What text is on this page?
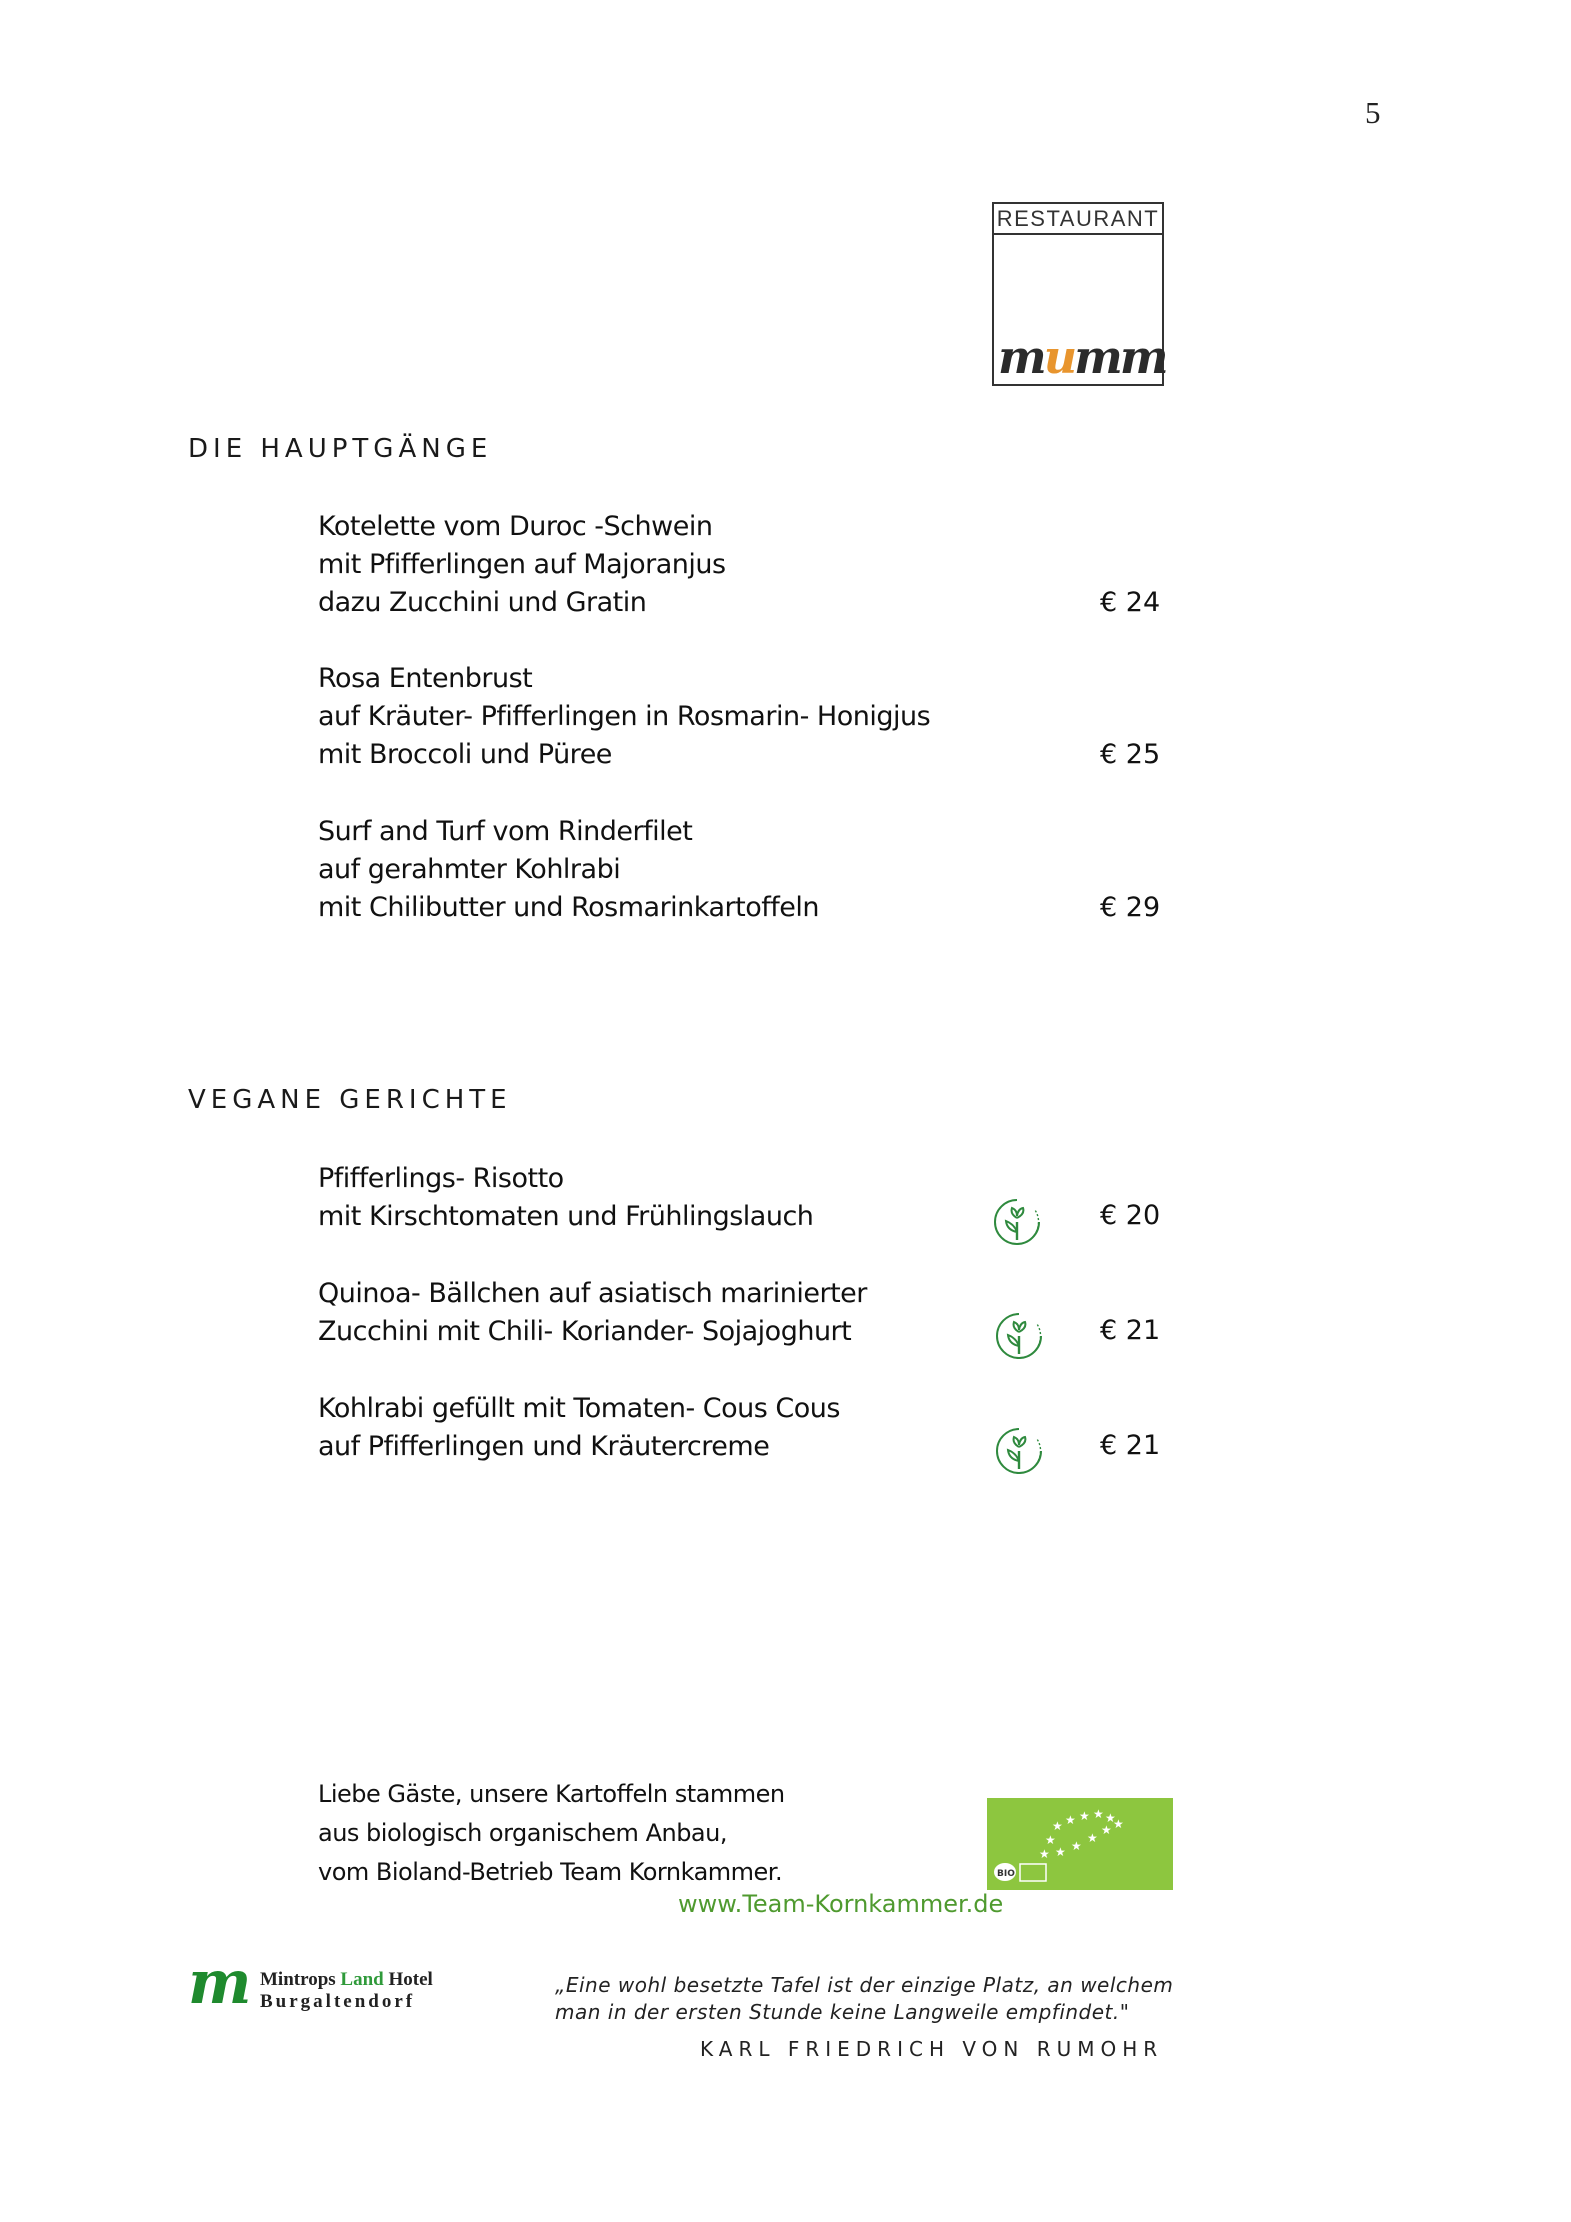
5
RESTAURANT
mumm
DIE HAUPTGÄNGE
Kotelette vom Duroc -Schwein
mit Pfifferlingen auf Majoranjus
dazu Zucchini und Gratin	€ 24
Rosa Entenbrust
auf Kräuter- Pfifferlingen in Rosmarin- Honigjus
mit Broccoli und Püree	€ 25
Surf and Turf vom Rinderfilet
auf gerahmter Kohlrabi
mit Chilibutter und Rosmarinkartoffeln	€ 29
VEGANE GERICHTE
Pfifferlings- Risotto
mit Kirschtomaten und Frühlingslauch	€ 20
Quinoa- Bällchen auf asiatisch marinierter
Zucchini mit Chili- Koriander- Sojajoghurt	€ 21
Kohlrabi gefüllt mit Tomaten- Cous Cous
auf Pfifferlingen und Kräutercreme	€ 21
Liebe Gäste, unsere Kartoffeln stammen
aus biologisch organischem Anbau,
vom Bioland-Betrieb Team Kornkammer.
★ ★ ★ ★ ★
★
★ ★ ★
★
★ ★
BIO
www.Team-Kornkammer.de
m Mintrops Land Hotel
Burgaltendorf
„Eine wohl besetzte Tafel ist der einzige Platz, an welchem
man in der ersten Stunde keine Langweile empfindet."
KARL FRIEDRICH VON RUMOHR
